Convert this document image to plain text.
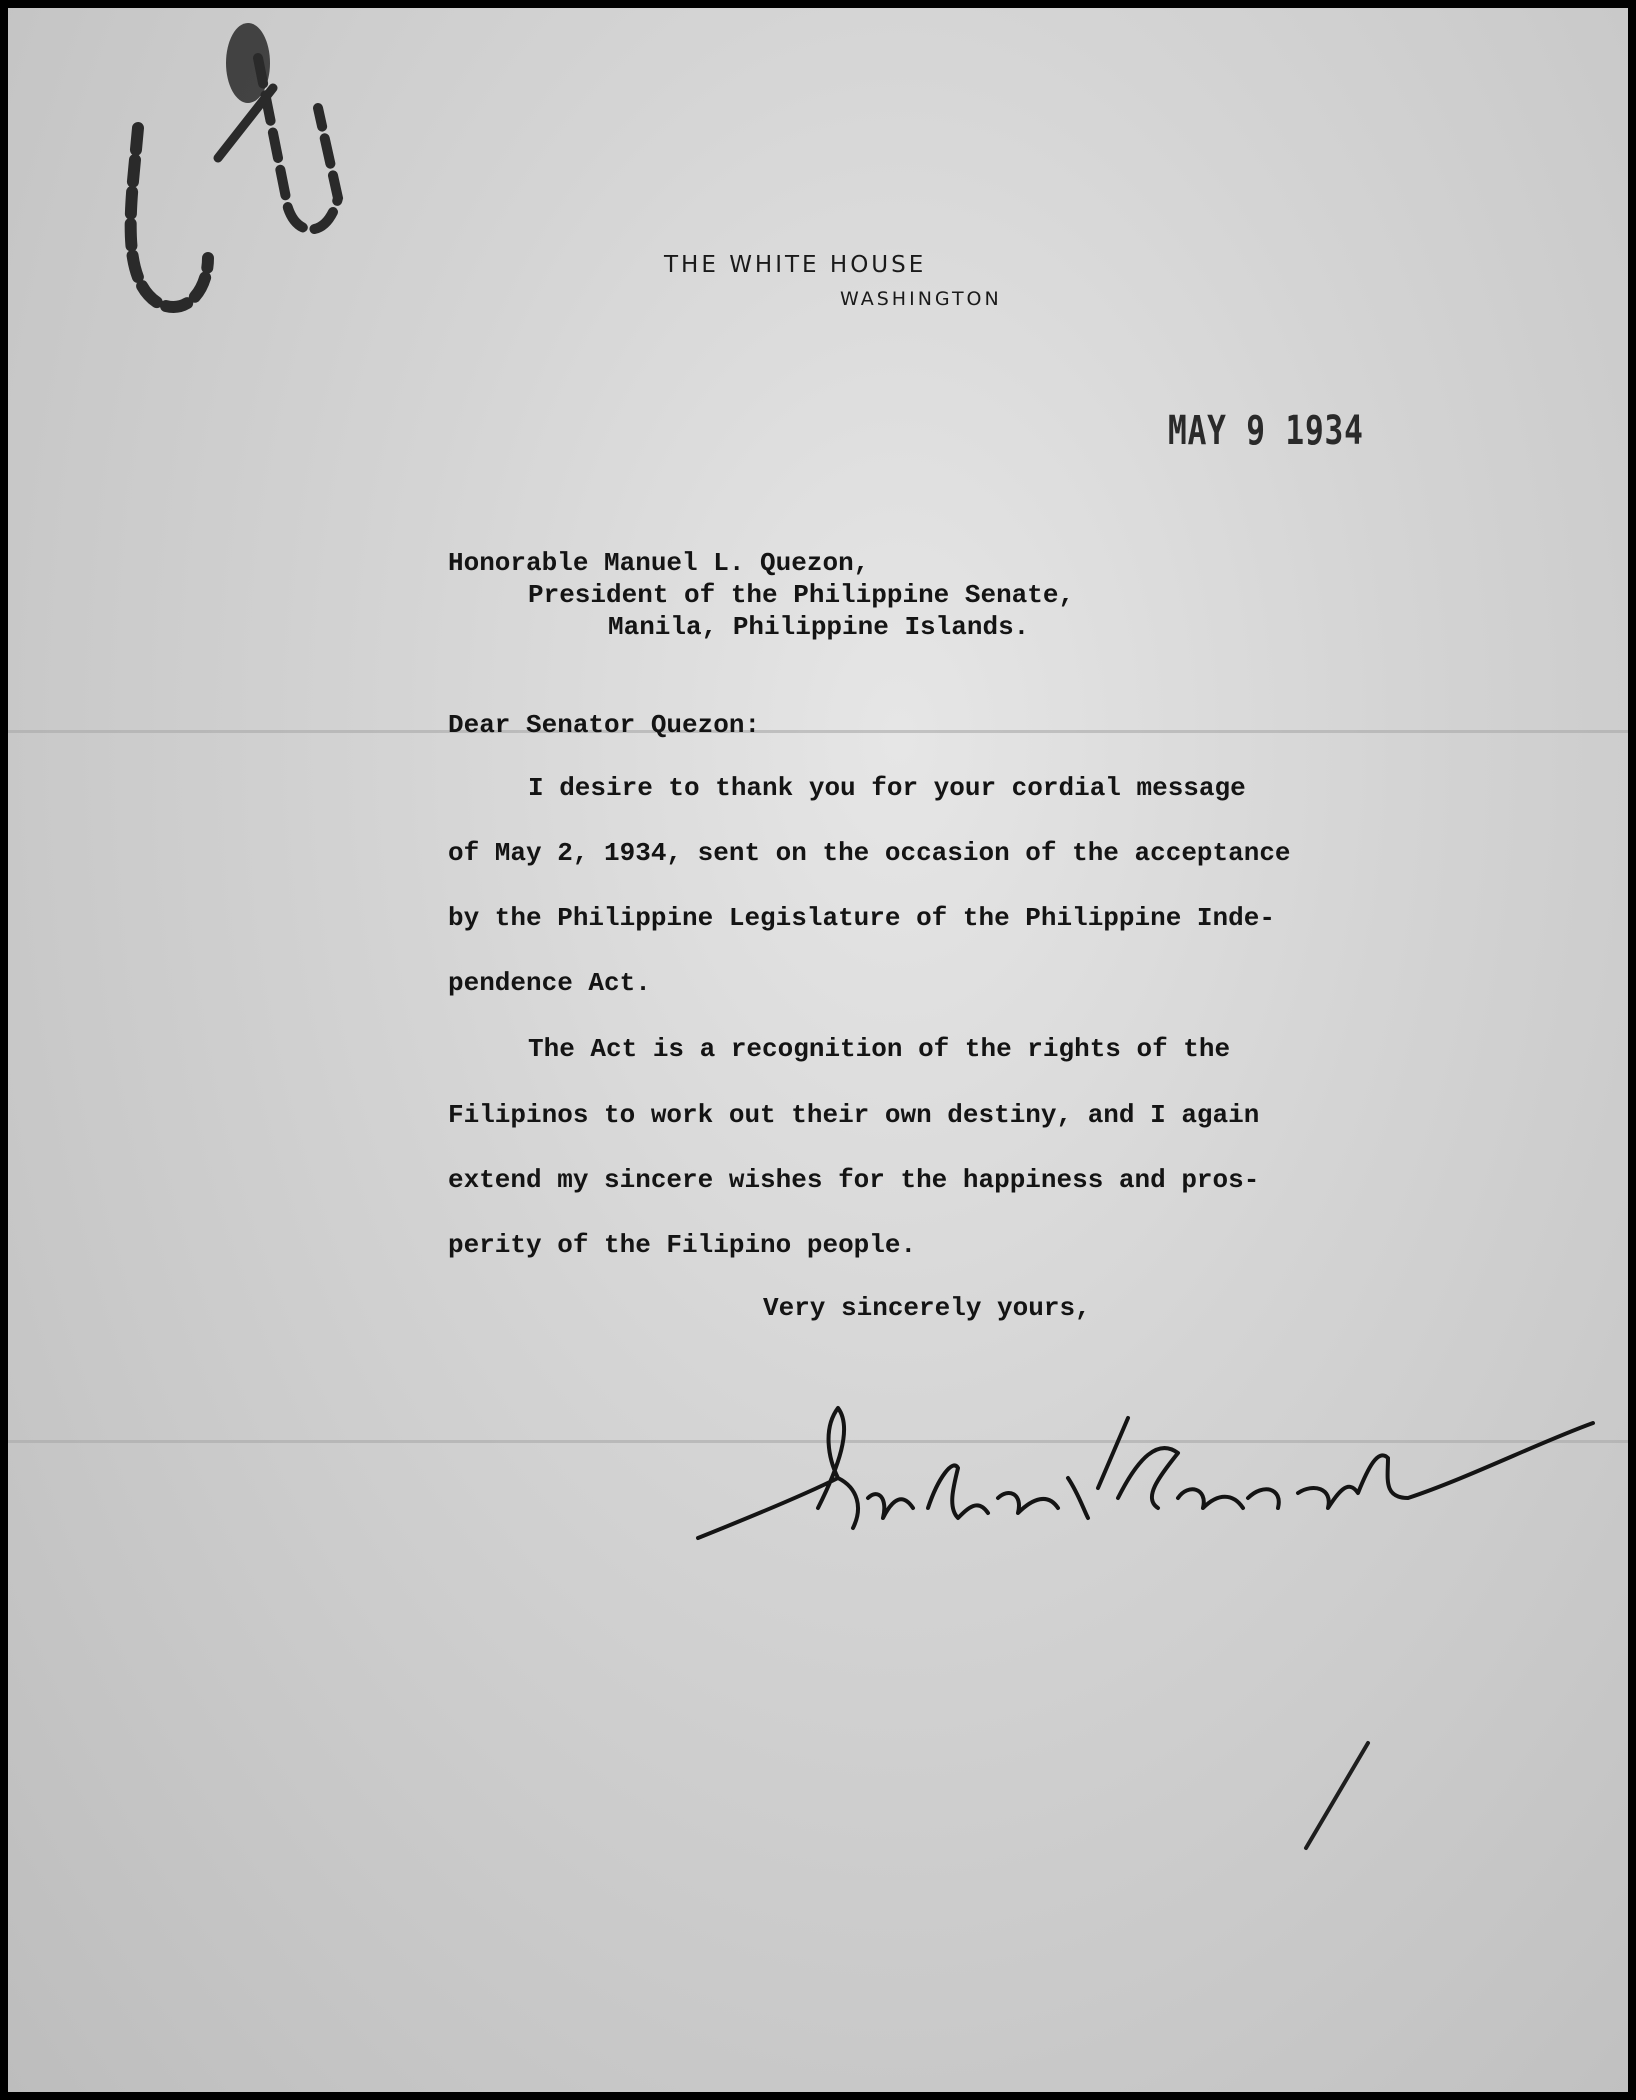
THE WHITE HOUSE
WASHINGTON
MAY 9 1934
Honorable Manuel L. Quezon,
President of the Philippine Senate,
Manila, Philippine Islands.
Dear Senator Quezon:
I desire to thank you for your cordial message
of May 2, 1934, sent on the occasion of the acceptance
by the Philippine Legislature of the Philippine Inde-
pendence Act.
The Act is a recognition of the rights of the
Filipinos to work out their own destiny, and I again
extend my sincere wishes for the happiness and pros-
perity of the Filipino people.
Very sincerely yours,
